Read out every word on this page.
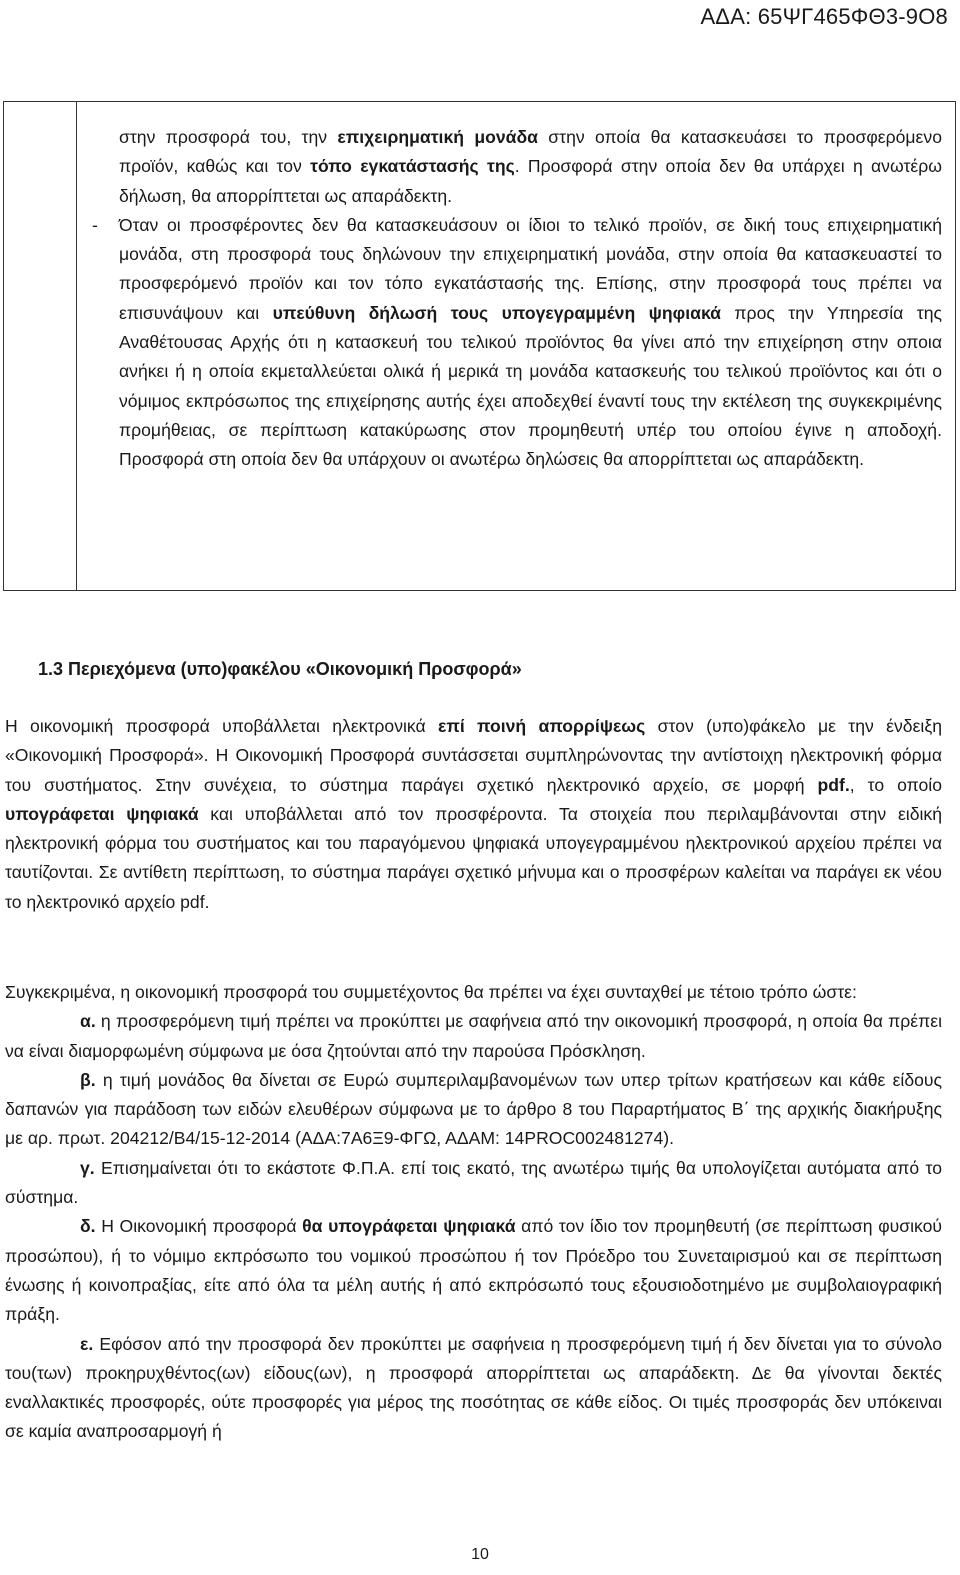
ΑΔΑ: 65ΨΓ465ΦΘ3-9Ο8

στην προσφορά του, την επιχειρηματική μονάδα στην οποία θα κατασκευάσει το προσφερόμενο προϊόν, καθώς και τον τόπο εγκατάστασής της. Προσφορά στην οποία δεν θα υπάρχει η ανωτέρω δήλωση, θα απορρίπτεται ως απαράδεκτη.

- Όταν οι προσφέροντες δεν θα κατασκευάσουν οι ίδιοι το τελικό προϊόν, σε δική τους επιχειρηματική μονάδα, στη προσφορά τους δηλώνουν την επιχειρηματική μονάδα, στην οποία θα κατασκευαστεί το προσφερόμενό προϊόν και τον τόπο εγκατάστασής της. Επίσης, στην προσφορά τους πρέπει να επισυνάψουν και υπεύθυνη δήλωσή τους υπογεγραμμένη ψηφιακά προς την Υπηρεσία της Αναθέτουσας Αρχής ότι η κατασκευή του τελικού προϊόντος θα γίνει από την επιχείρηση στην οποια ανήκει ή η οποία εκμεταλλεύεται ολικά ή μερικά τη μονάδα κατασκευής του τελικού προϊόντος και ότι ο νόμιμος εκπρόσωπος της επιχείρησης αυτής έχει αποδεχθεί έναντί τους την εκτέλεση της συγκεκριμένης προμήθειας, σε περίπτωση κατακύρωσης στον προμηθευτή υπέρ του οποίου έγινε η αποδοχή. Προσφορά στη οποία δεν θα υπάρχουν οι ανωτέρω δηλώσεις θα απορρίπτεται ως απαράδεκτη.

1.3 Περιεχόμενα (υπο)φακέλου «Οικονομική Προσφορά»

Η οικονομική προσφορά υποβάλλεται ηλεκτρονικά επί ποινή απορρίψεως στον (υπο)φάκελο με την ένδειξη «Οικονομική Προσφορά». Η Οικονομική Προσφορά συντάσσεται συμπληρώνοντας την αντίστοιχη ηλεκτρονική φόρμα του συστήματος. Στην συνέχεια, το σύστημα παράγει σχετικό ηλεκτρονικό αρχείο, σε μορφή pdf., το οποίο υπογράφεται ψηφιακά και υποβάλλεται από τον προσφέροντα. Τα στοιχεία που περιλαμβάνονται στην ειδική ηλεκτρονική φόρμα του συστήματος και του παραγόμενου ψηφιακά υπογεγραμμένου ηλεκτρονικού αρχείου πρέπει να ταυτίζονται. Σε αντίθετη περίπτωση, το σύστημα παράγει σχετικό μήνυμα και ο προσφέρων καλείται να παράγει εκ νέου το ηλεκτρονικό αρχείο pdf.

Συγκεκριμένα, η οικονομική προσφορά του συμμετέχοντος θα πρέπει να έχει συνταχθεί με τέτοιο τρόπο ώστε:

α. η προσφερόμενη τιμή πρέπει να προκύπτει με σαφήνεια από την οικονομική προσφορά, η οποία θα πρέπει να είναι διαμορφωμένη σύμφωνα με όσα ζητούνται από την παρούσα Πρόσκληση.

β. η τιμή μονάδος θα δίνεται σε Ευρώ συμπεριλαμβανομένων των υπερ τρίτων κρατήσεων και κάθε είδους δαπανών για παράδοση των ειδών ελευθέρων σύμφωνα με το άρθρο 8 του Παραρτήματος Β΄ της αρχικής διακήρυξης με αρ. πρωτ. 204212/Β4/15-12-2014 (ΑΔΑ:7Α6Ξ9-ΦΓΩ, ΑΔΑΜ: 14PROC002481274).

γ. Επισημαίνεται ότι το εκάστοτε Φ.Π.Α. επί τοις εκατό, της ανωτέρω τιμής θα υπολογίζεται αυτόματα από το σύστημα.

δ. Η Οικονομική προσφορά θα υπογράφεται ψηφιακά από τον ίδιο τον προμηθευτή (σε περίπτωση φυσικού προσώπου), ή το νόμιμο εκπρόσωπο του νομικού προσώπου ή τον Πρόεδρο του Συνεταιρισμού και σε περίπτωση ένωσης ή κοινοπραξίας, είτε από όλα τα μέλη αυτής ή από εκπρόσωπό τους εξουσιοδοτημένο με συμβολαιογραφική πράξη.

ε. Εφόσον από την προσφορά δεν προκύπτει με σαφήνεια η προσφερόμενη τιμή ή δεν δίνεται για το σύνολο του(των) προκηρυχθέντος(ων) είδους(ων), η προσφορά απορρίπτεται ως απαράδεκτη. Δε θα γίνονται δεκτές εναλλακτικές προσφορές, ούτε προσφορές για μέρος της ποσότητας σε κάθε είδος. Οι τιμές προσφοράς δεν υπόκειναι σε καμία αναπροσαρμογή ή

10
